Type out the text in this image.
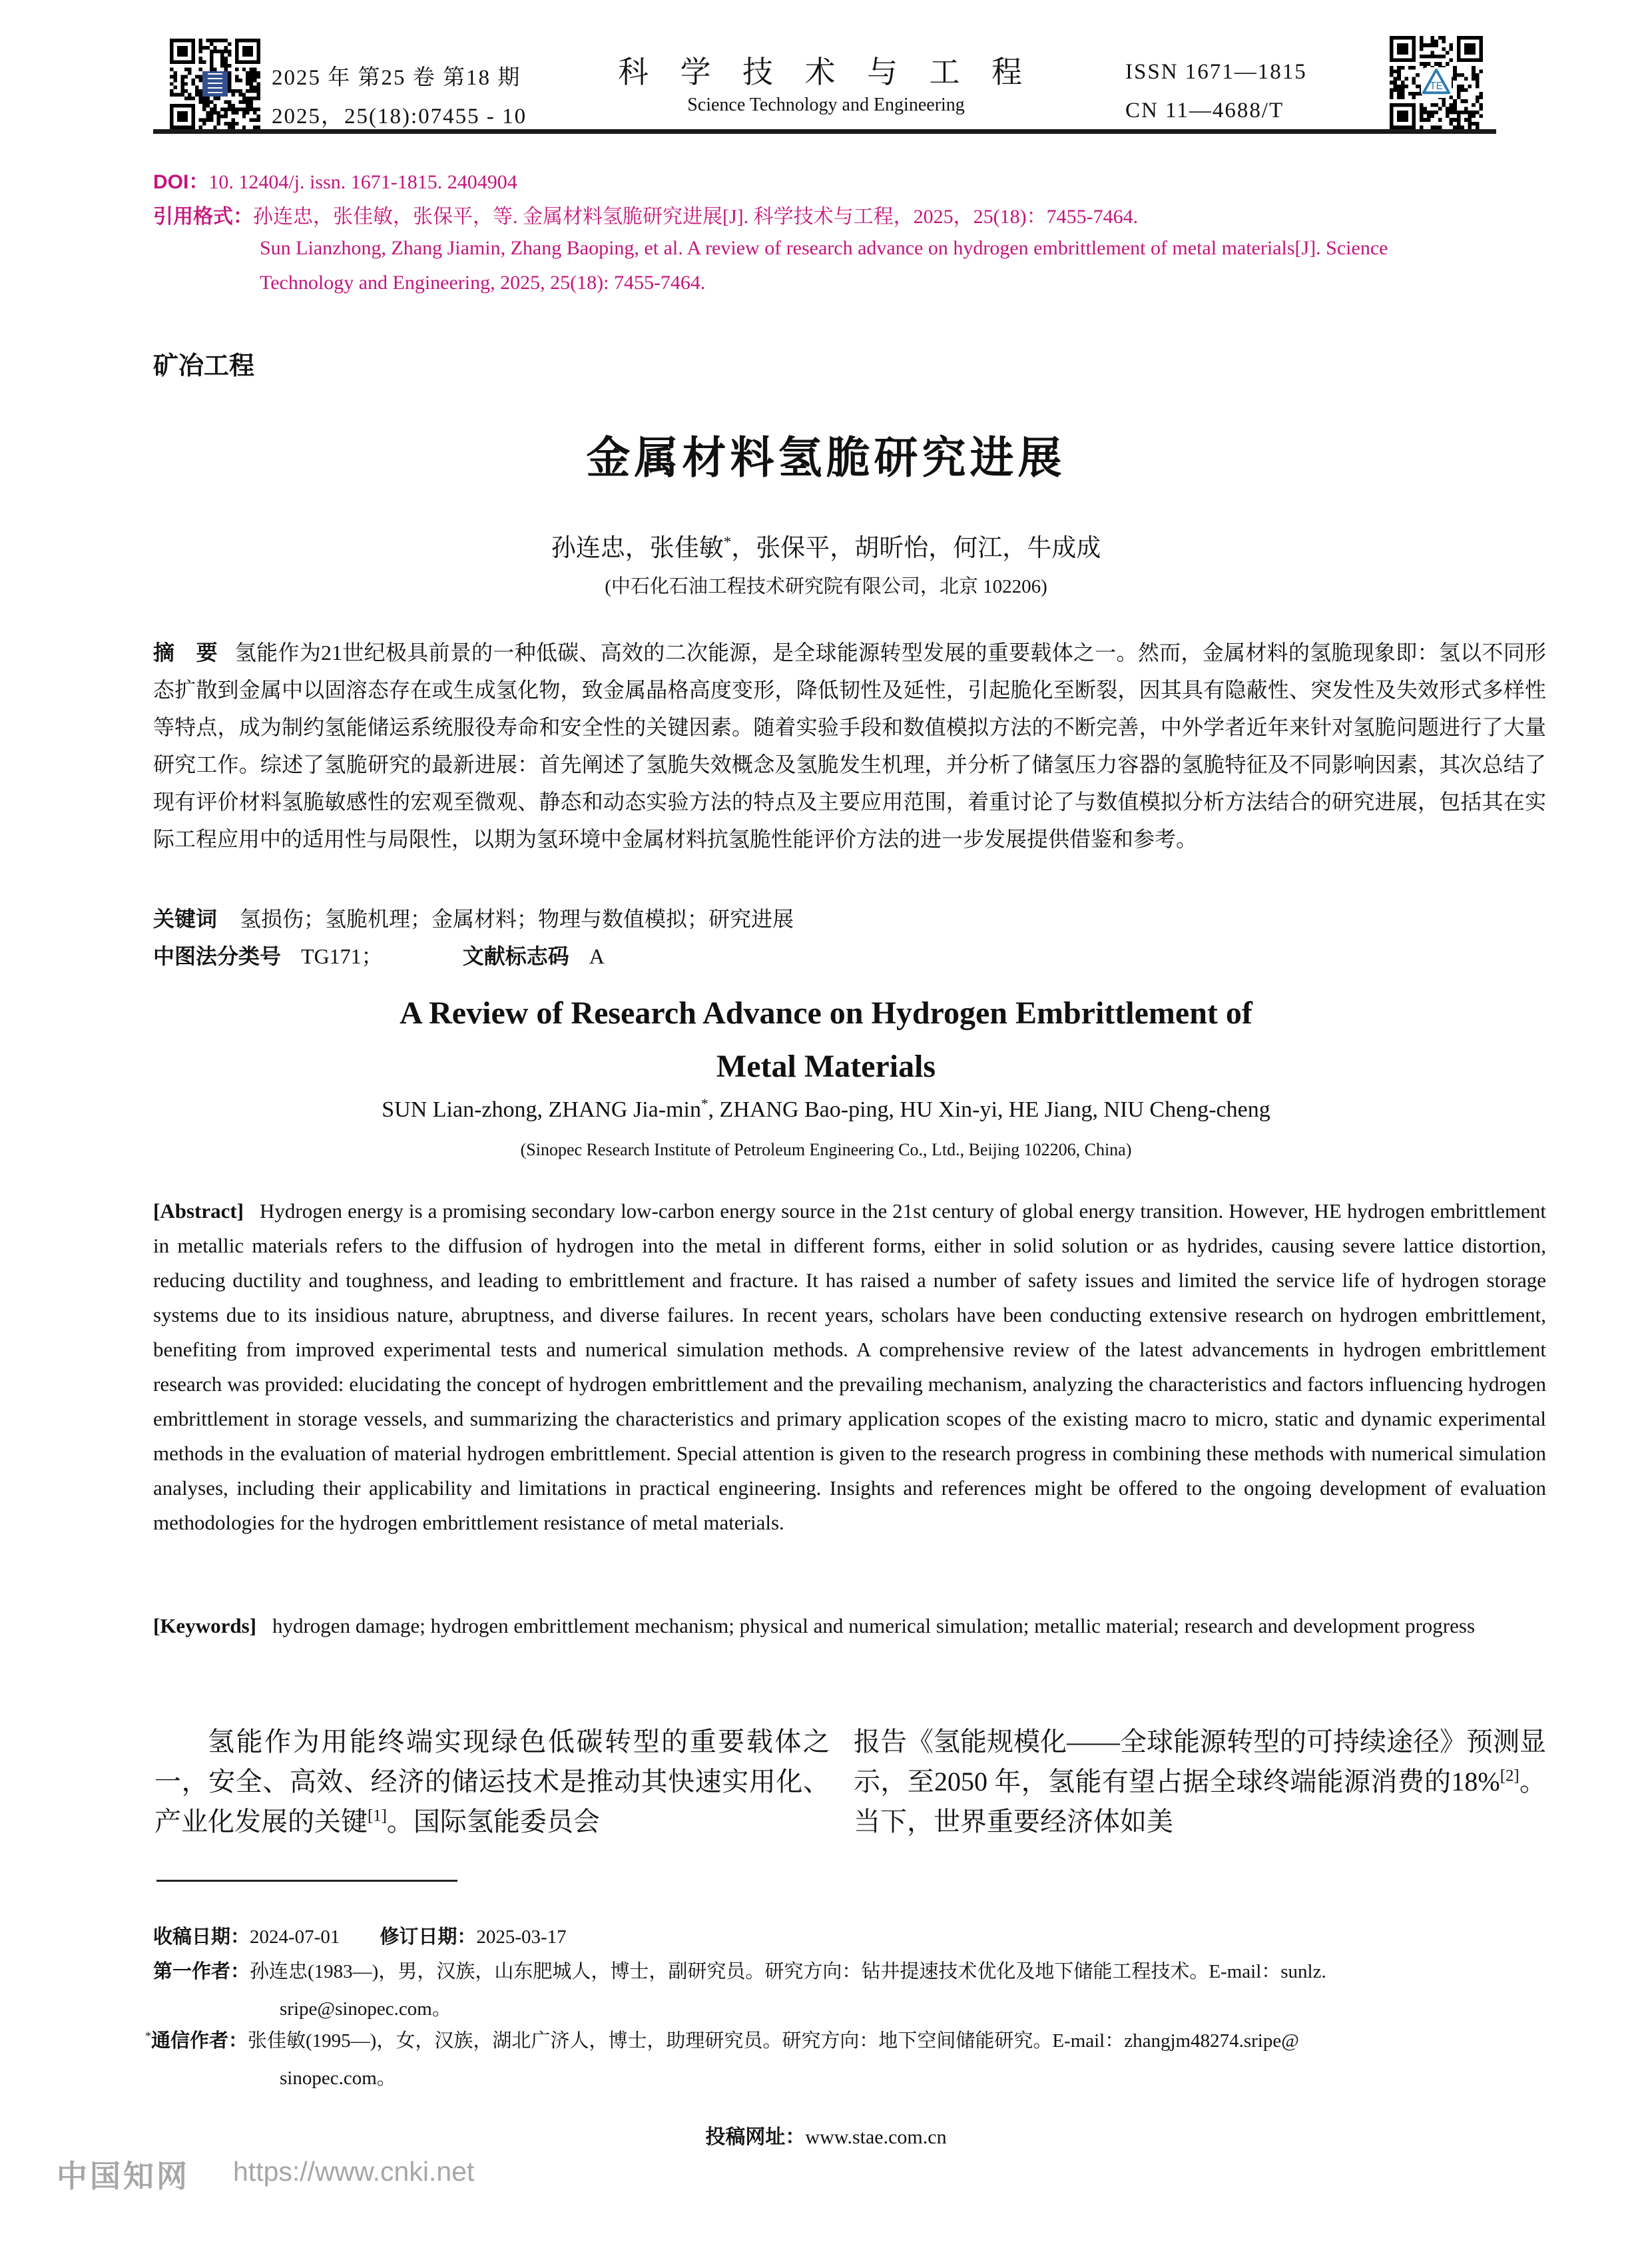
2025 年 第25 卷 第18 期
2025，25(18):07455 - 10
科 学 技 术 与 工 程
Science Technology and Engineering
ISSN 1671—1815
CN 11—4688/T
TE
DOI：10. 12404/j. issn. 1671-1815. 2404904
引用格式：孙连忠，张佳敏，张保平，等. 金属材料氢脆研究进展[J]. 科学技术与工程，2025，25(18)：7455-7464.
Sun Lianzhong, Zhang Jiamin, Zhang Baoping, et al. A review of research advance on hydrogen embrittlement of metal materials[J]. Science
Technology and Engineering, 2025, 25(18): 7455-7464.
矿冶工程
金属材料氢脆研究进展
孙连忠，张佳敏*，张保平，胡昕怡，何江，牛成成
(中石化石油工程技术研究院有限公司，北京 102206)
摘　要 氢能作为21世纪极具前景的一种低碳、高效的二次能源，是全球能源转型发展的重要载体之一。然而，金属材料的氢脆现象即：氢以不同形态扩散到金属中以固溶态存在或生成氢化物，致金属晶格高度变形，降低韧性及延性，引起脆化至断裂，因其具有隐蔽性、突发性及失效形式多样性等特点，成为制约氢能储运系统服役寿命和安全性的关键因素。随着实验手段和数值模拟方法的不断完善，中外学者近年来针对氢脆问题进行了大量研究工作。综述了氢脆研究的最新进展：首先阐述了氢脆失效概念及氢脆发生机理，并分析了储氢压力容器的氢脆特征及不同影响因素，其次总结了现有评价材料氢脆敏感性的宏观至微观、静态和动态实验方法的特点及主要应用范围，着重讨论了与数值模拟分析方法结合的研究进展，包括其在实际工程应用中的适用性与局限性，以期为氢环境中金属材料抗氢脆性能评价方法的进一步发展提供借鉴和参考。
关键词 氢损伤；氢脆机理；金属材料；物理与数值模拟；研究进展
中图法分类号 TG171；	文献标志码 A
A Review of Research Advance on Hydrogen Embrittlement of
Metal Materials
SUN Lian-zhong, ZHANG Jia-min*, ZHANG Bao-ping, HU Xin-yi, HE Jiang, NIU Cheng-cheng
(Sinopec Research Institute of Petroleum Engineering Co., Ltd., Beijing 102206, China)
[Abstract] Hydrogen energy is a promising secondary low-carbon energy source in the 21st century of global energy transition. However, HE hydrogen embrittlement in metallic materials refers to the diffusion of hydrogen into the metal in different forms, either in solid solution or as hydrides, causing severe lattice distortion, reducing ductility and toughness, and leading to embrittlement and fracture. It has raised a number of safety issues and limited the service life of hydrogen storage systems due to its insidious nature, abruptness, and diverse failures. In recent years, scholars have been conducting extensive research on hydrogen embrittlement, benefiting from improved experimental tests and numerical simulation methods. A comprehensive review of the latest advancements in hydrogen embrittlement research was provided: elucidating the concept of hydrogen embrittlement and the prevailing mechanism, analyzing the characteristics and factors influencing hydrogen embrittlement in storage vessels, and summarizing the characteristics and primary application scopes of the existing macro to micro, static and dynamic experimental methods in the evaluation of material hydrogen embrittlement. Special attention is given to the research progress in combining these methods with numerical simulation analyses, including their applicability and limitations in practical engineering. Insights and references might be offered to the ongoing development of evaluation methodologies for the hydrogen embrittlement resistance of metal materials.
[Keywords] hydrogen damage; hydrogen embrittlement mechanism; physical and numerical simulation; metallic material; research and development progress
氢能作为用能终端实现绿色低碳转型的重要载体之一，安全、高效、经济的储运技术是推动其快速实用化、产业化发展的关键[1]。国际氢能委员会
报告《氢能规模化——全球能源转型的可持续途径》预测显示，至2050 年，氢能有望占据全球终端能源消费的18%[2]。当下，世界重要经济体如美
收稿日期：2024-07-01 修订日期：2025-03-17
第一作者：孙连忠(1983—)，男，汉族，山东肥城人，博士，副研究员。研究方向：钻井提速技术优化及地下储能工程技术。E-mail：sunlz.
sripe@sinopec.com。
*通信作者：张佳敏(1995—)，女，汉族，湖北广济人，博士，助理研究员。研究方向：地下空间储能研究。E-mail：zhangjm48274.sripe@
sinopec.com。
投稿网址：www.stae.com.cn
中国知网 https://www.cnki.net
